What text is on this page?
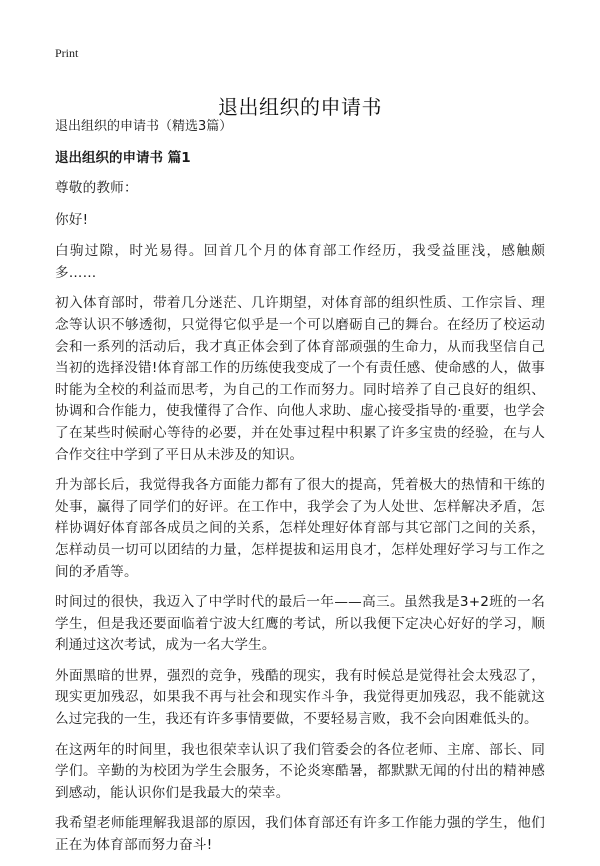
Print
退出组织的申请书

退出组织的申请书（精选3篇）

退出组织的申请书 篇1

尊敬的教师：

你好!

白驹过隙，时光易得。回首几个月的体育部工作经历，我受益匪浅，感触颇多……

初入体育部时，带着几分迷茫、几许期望，对体育部的组织性质、工作宗旨、理念等认识不够透彻，只觉得它似乎是一个可以磨砺自己的舞台。在经历了校运动会和一系列的活动后，我才真正体会到了体育部顽强的生命力，从而我坚信自己当初的选择没错!体育部工作的历练使我变成了一个有责任感、使命感的人，做事时能为全校的利益而思考，为自己的工作而努力。同时培养了自己良好的组织、协调和合作能力，使我懂得了合作、向他人求助、虚心接受指导的·重要，也学会了在某些时候耐心等待的必要，并在处事过程中积累了许多宝贵的经验，在与人合作交往中学到了平日从未涉及的知识。

升为部长后，我觉得我各方面能力都有了很大的提高，凭着极大的热情和干练的处事，赢得了同学们的好评。在工作中，我学会了为人处世、怎样解决矛盾，怎样协调好体育部各成员之间的关系，怎样处理好体育部与其它部门之间的关系，怎样动员一切可以团结的力量，怎样提拔和运用良才，怎样处理好学习与工作之间的矛盾等。

时间过的很快，我迈入了中学时代的最后一年——高三。虽然我是3+2班的一名学生，但是我还要面临着宁波大红鹰的考试，所以我便下定决心好好的学习，顺利通过这次考试，成为一名大学生。

外面黑暗的世界，强烈的竞争，残酷的现实，我有时候总是觉得社会太残忍了，现实更加残忍，如果我不再与社会和现实作斗争，我觉得更加残忍，我不能就这么过完我的一生，我还有许多事情要做，不要轻易言败，我不会向困难低头的。

在这两年的时间里，我也很荣幸认识了我们管委会的各位老师、主席、部长、同学们。辛勤的为校团为学生会服务，不论炎寒酷暑，都默默无闻的付出的精神感到感动，能认识你们是我最大的荣幸。

我希望老师能理解我退部的原因，我们体育部还有许多工作能力强的学生，他们正在为体育部而努力奋斗!
